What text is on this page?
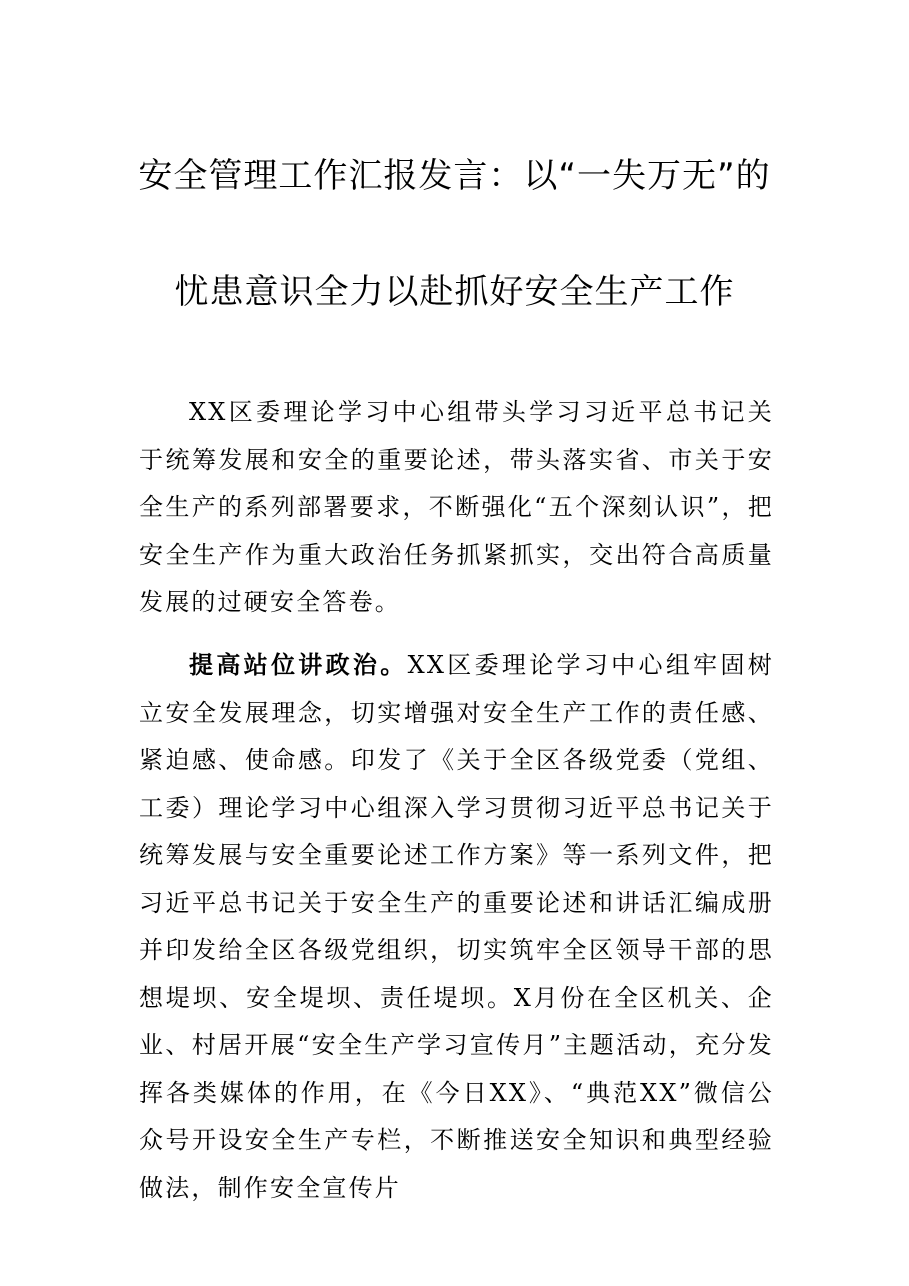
安全管理工作汇报发言：以“一失万无”的
忧患意识全力以赴抓好安全生产工作

XX区委理论学习中心组带头学习习近平总书记关于统筹发展和安全的重要论述，带头落实省、市关于安全生产的系列部署要求，不断强化“五个深刻认识”，把安全生产作为重大政治任务抓紧抓实，交出符合高质量发展的过硬安全答卷。

提高站位讲政治。XX区委理论学习中心组牢固树立安全发展理念，切实增强对安全生产工作的责任感、紧迫感、使命感。印发了《关于全区各级党委（党组、工委）理论学习中心组深入学习贯彻习近平总书记关于统筹发展与安全重要论述工作方案》等一系列文件，把习近平总书记关于安全生产的重要论述和讲话汇编成册并印发给全区各级党组织，切实筑牢全区领导干部的思想堤坝、安全堤坝、责任堤坝。X月份在全区机关、企业、村居开展“安全生产学习宣传月”主题活动，充分发挥各类媒体的作用，在《今日XX》、“典范XX”微信公众号开设安全生产专栏，不断推送安全知识和典型经验做法，制作安全宣传片
